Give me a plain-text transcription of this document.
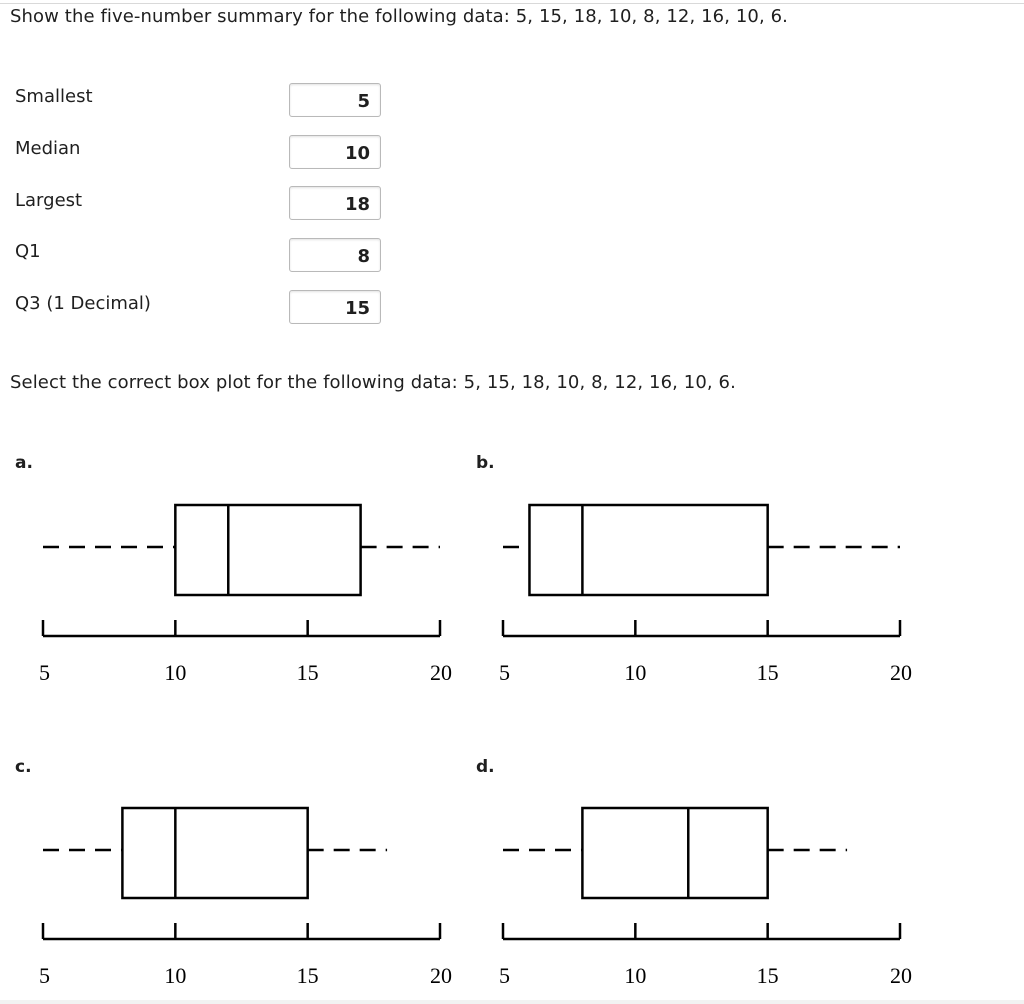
Show the five-number summary for the following data: 5, 15, 18, 10, 8, 12, 16, 10, 6.
Smallest	5
Median	10
Largest	18
Q1	8
Q3 (1 Decimal)	15
Select the correct box plot for the following data: 5, 15, 18, 10, 8, 12, 16, 10, 6.
a.	b.
c.	d.
5	10	15	20 5	10	15	20
5	10	15	20 5	10	15	20
